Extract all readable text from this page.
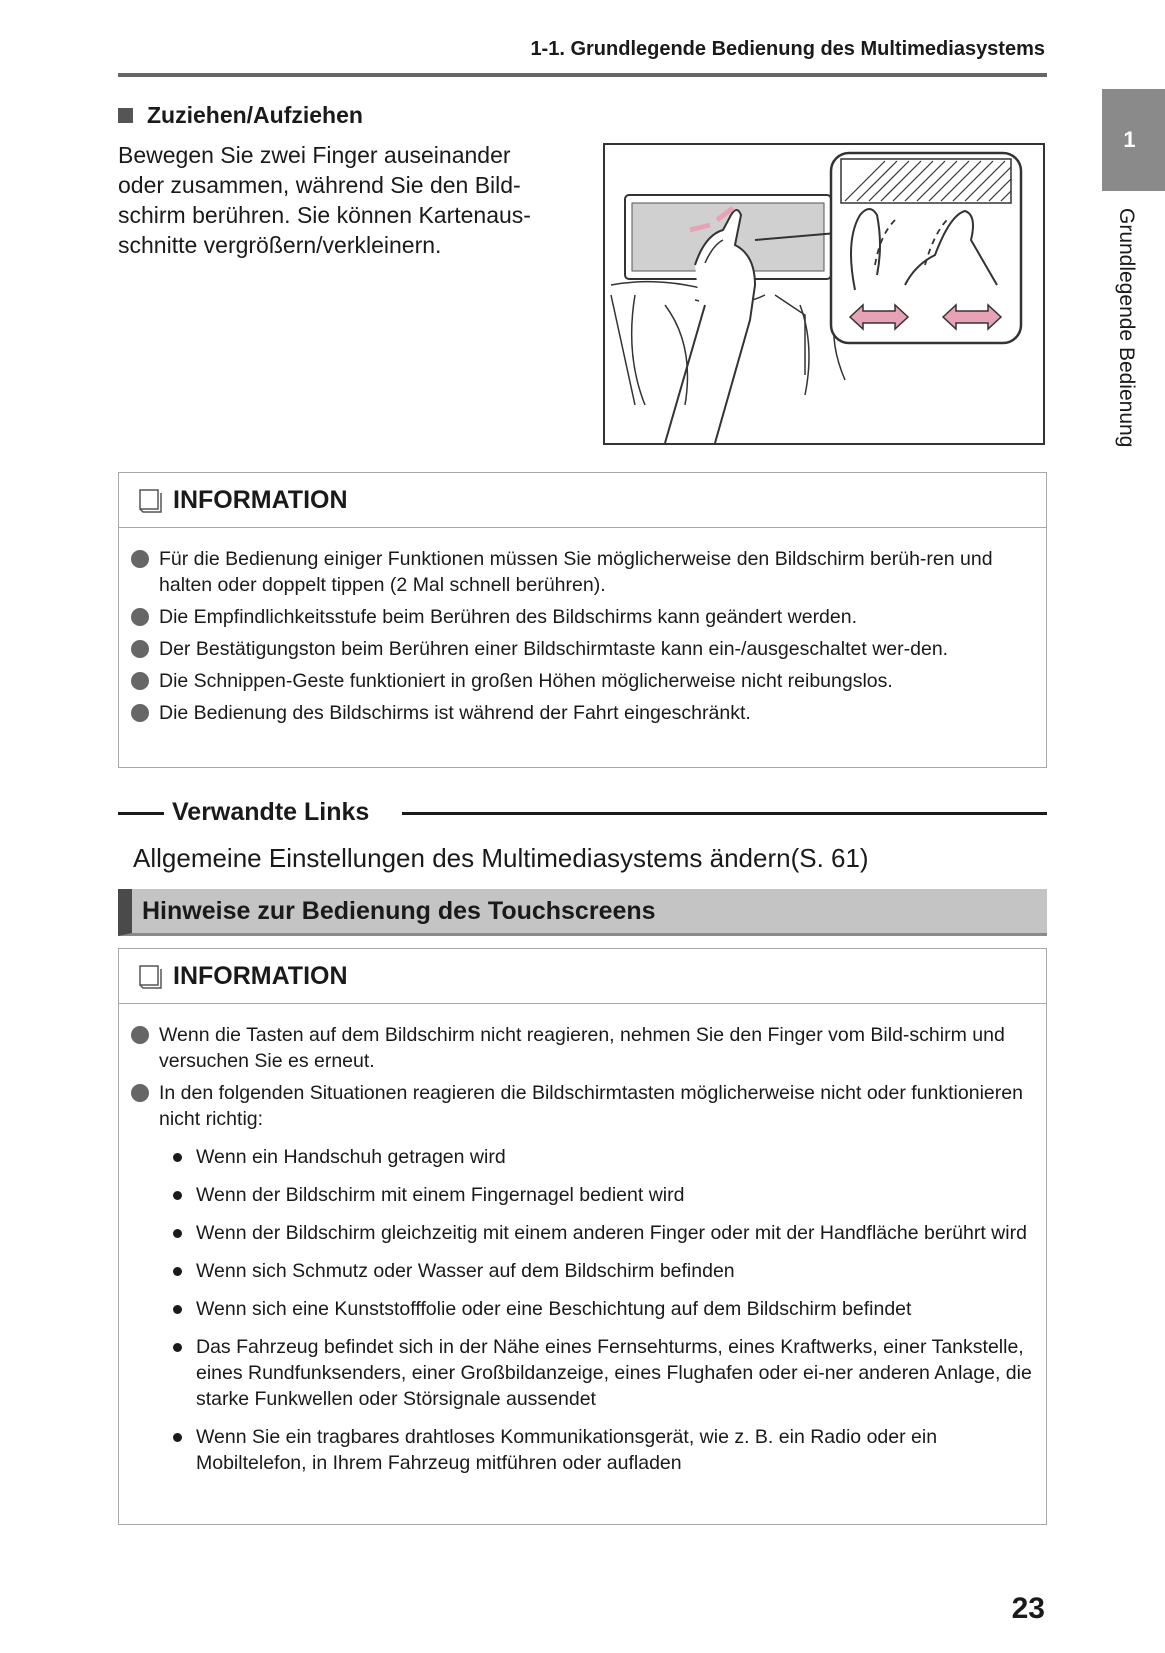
1-1. Grundlegende Bedienung des Multimediasystems
1
Grundlegende Bedienung
Zuziehen/Aufziehen
Bewegen Sie zwei Finger auseinander
oder zusammen, während Sie den Bild-
schirm berühren. Sie können Kartenaus-
schnitte vergrößern/verkleinern.
INFORMATION
Für die Bedienung einiger Funktionen müssen Sie möglicherweise den Bildschirm berüh-ren und halten oder doppelt tippen (2 Mal schnell berühren).
Die Empfindlichkeitsstufe beim Berühren des Bildschirms kann geändert werden.
Der Bestätigungston beim Berühren einer Bildschirmtaste kann ein-/ausgeschaltet wer-den.
Die Schnippen-Geste funktioniert in großen Höhen möglicherweise nicht reibungslos.
Die Bedienung des Bildschirms ist während der Fahrt eingeschränkt.
Verwandte Links
Allgemeine Einstellungen des Multimediasystems ändern(S. 61)
Hinweise zur Bedienung des Touchscreens
INFORMATION
Wenn die Tasten auf dem Bildschirm nicht reagieren, nehmen Sie den Finger vom Bild-schirm und versuchen Sie es erneut.
In den folgenden Situationen reagieren die Bildschirmtasten möglicherweise nicht oder funktionieren nicht richtig:
Wenn ein Handschuh getragen wird
Wenn der Bildschirm mit einem Fingernagel bedient wird
Wenn der Bildschirm gleichzeitig mit einem anderen Finger oder mit der Handfläche berührt wird
Wenn sich Schmutz oder Wasser auf dem Bildschirm befinden
Wenn sich eine Kunststofffolie oder eine Beschichtung auf dem Bildschirm befindet
Das Fahrzeug befindet sich in der Nähe eines Fernsehturms, eines Kraftwerks, einer Tankstelle, eines Rundfunksenders, einer Großbildanzeige, eines Flughafen oder ei-ner anderen Anlage, die starke Funkwellen oder Störsignale aussendet
Wenn Sie ein tragbares drahtloses Kommunikationsgerät, wie z. B. ein Radio oder ein Mobiltelefon, in Ihrem Fahrzeug mitführen oder aufladen
23
